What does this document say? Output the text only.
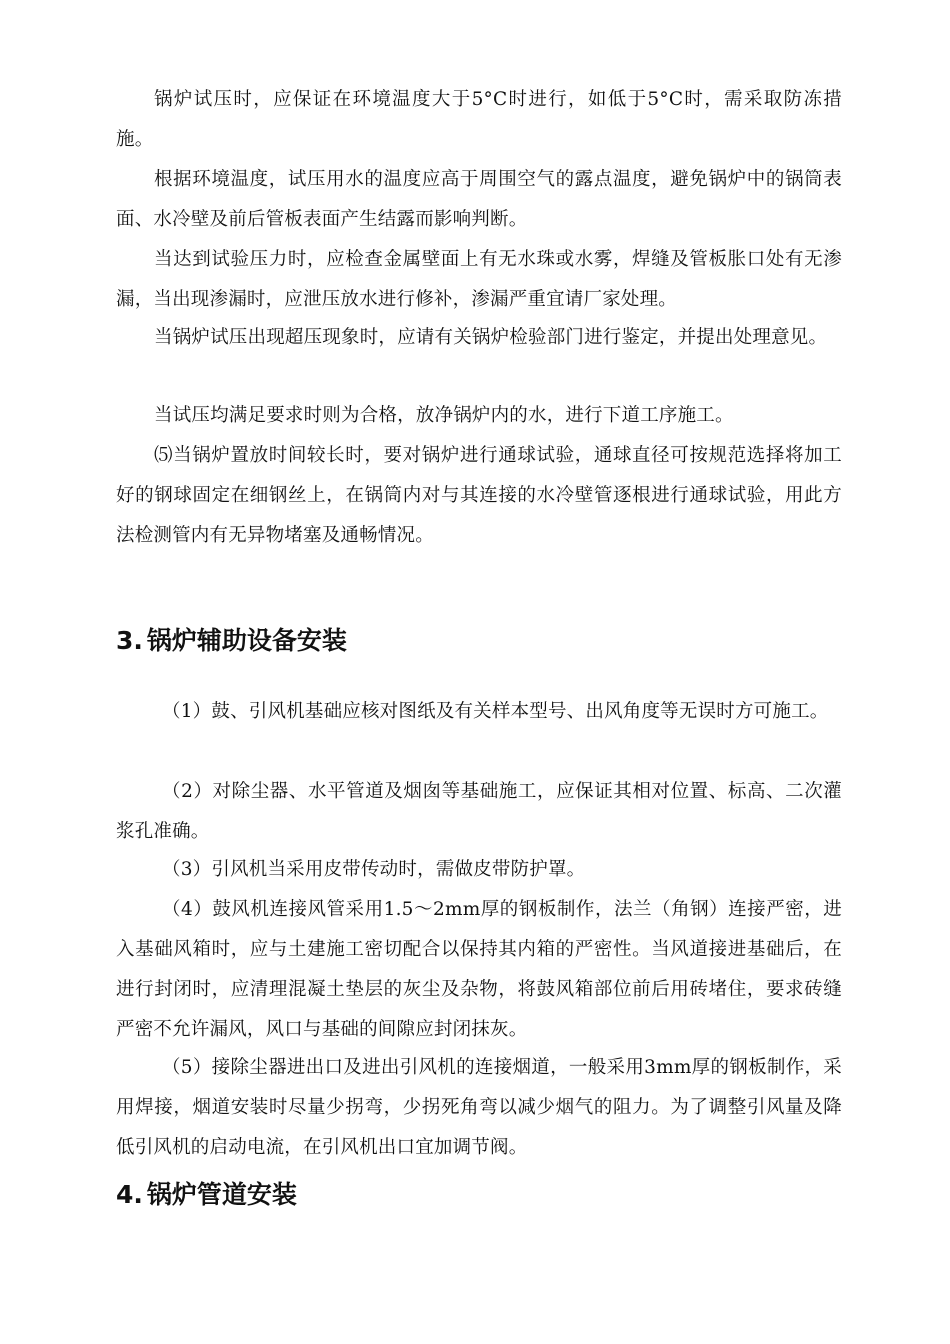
锅炉试压时，应保证在环境温度大于5°C时进行，如低于5°C时，需采取防冻措施。

根据环境温度，试压用水的温度应高于周围空气的露点温度，避免锅炉中的锅筒表面、水冷壁及前后管板表面产生结露而影响判断。

当达到试验压力时，应检查金属壁面上有无水珠或水雾，焊缝及管板胀口处有无渗漏，当出现渗漏时，应泄压放水进行修补，渗漏严重宜请厂家处理。

当锅炉试压出现超压现象时，应请有关锅炉检验部门进行鉴定，并提出处理意见。

当试压均满足要求时则为合格，放净锅炉内的水，进行下道工序施工。

⑸当锅炉置放时间较长时，要对锅炉进行通球试验，通球直径可按规范选择将加工好的钢球固定在细钢丝上，在锅筒内对与其连接的水冷壁管逐根进行通球试验，用此方法检测管内有无异物堵塞及通畅情况。

3. 锅炉辅助设备安装

（1）鼓、引风机基础应核对图纸及有关样本型号、出风角度等无误时方可施工。

（2）对除尘器、水平管道及烟囱等基础施工，应保证其相对位置、标高、二次灌浆孔准确。

（3）引风机当采用皮带传动时，需做皮带防护罩。

（4）鼓风机连接风管采用1.5～2mm厚的钢板制作，法兰（角钢）连接严密，进入基础风箱时，应与土建施工密切配合以保持其内箱的严密性。当风道接进基础后，在进行封闭时，应清理混凝土垫层的灰尘及杂物，将鼓风箱部位前后用砖堵住，要求砖缝严密不允许漏风，风口与基础的间隙应封闭抹灰。

（5）接除尘器进出口及进出引风机的连接烟道，一般采用3mm厚的钢板制作，采用焊接，烟道安装时尽量少拐弯，少拐死角弯以减少烟气的阻力。为了调整引风量及降低引风机的启动电流，在引风机出口宜加调节阀。

4. 锅炉管道安装
